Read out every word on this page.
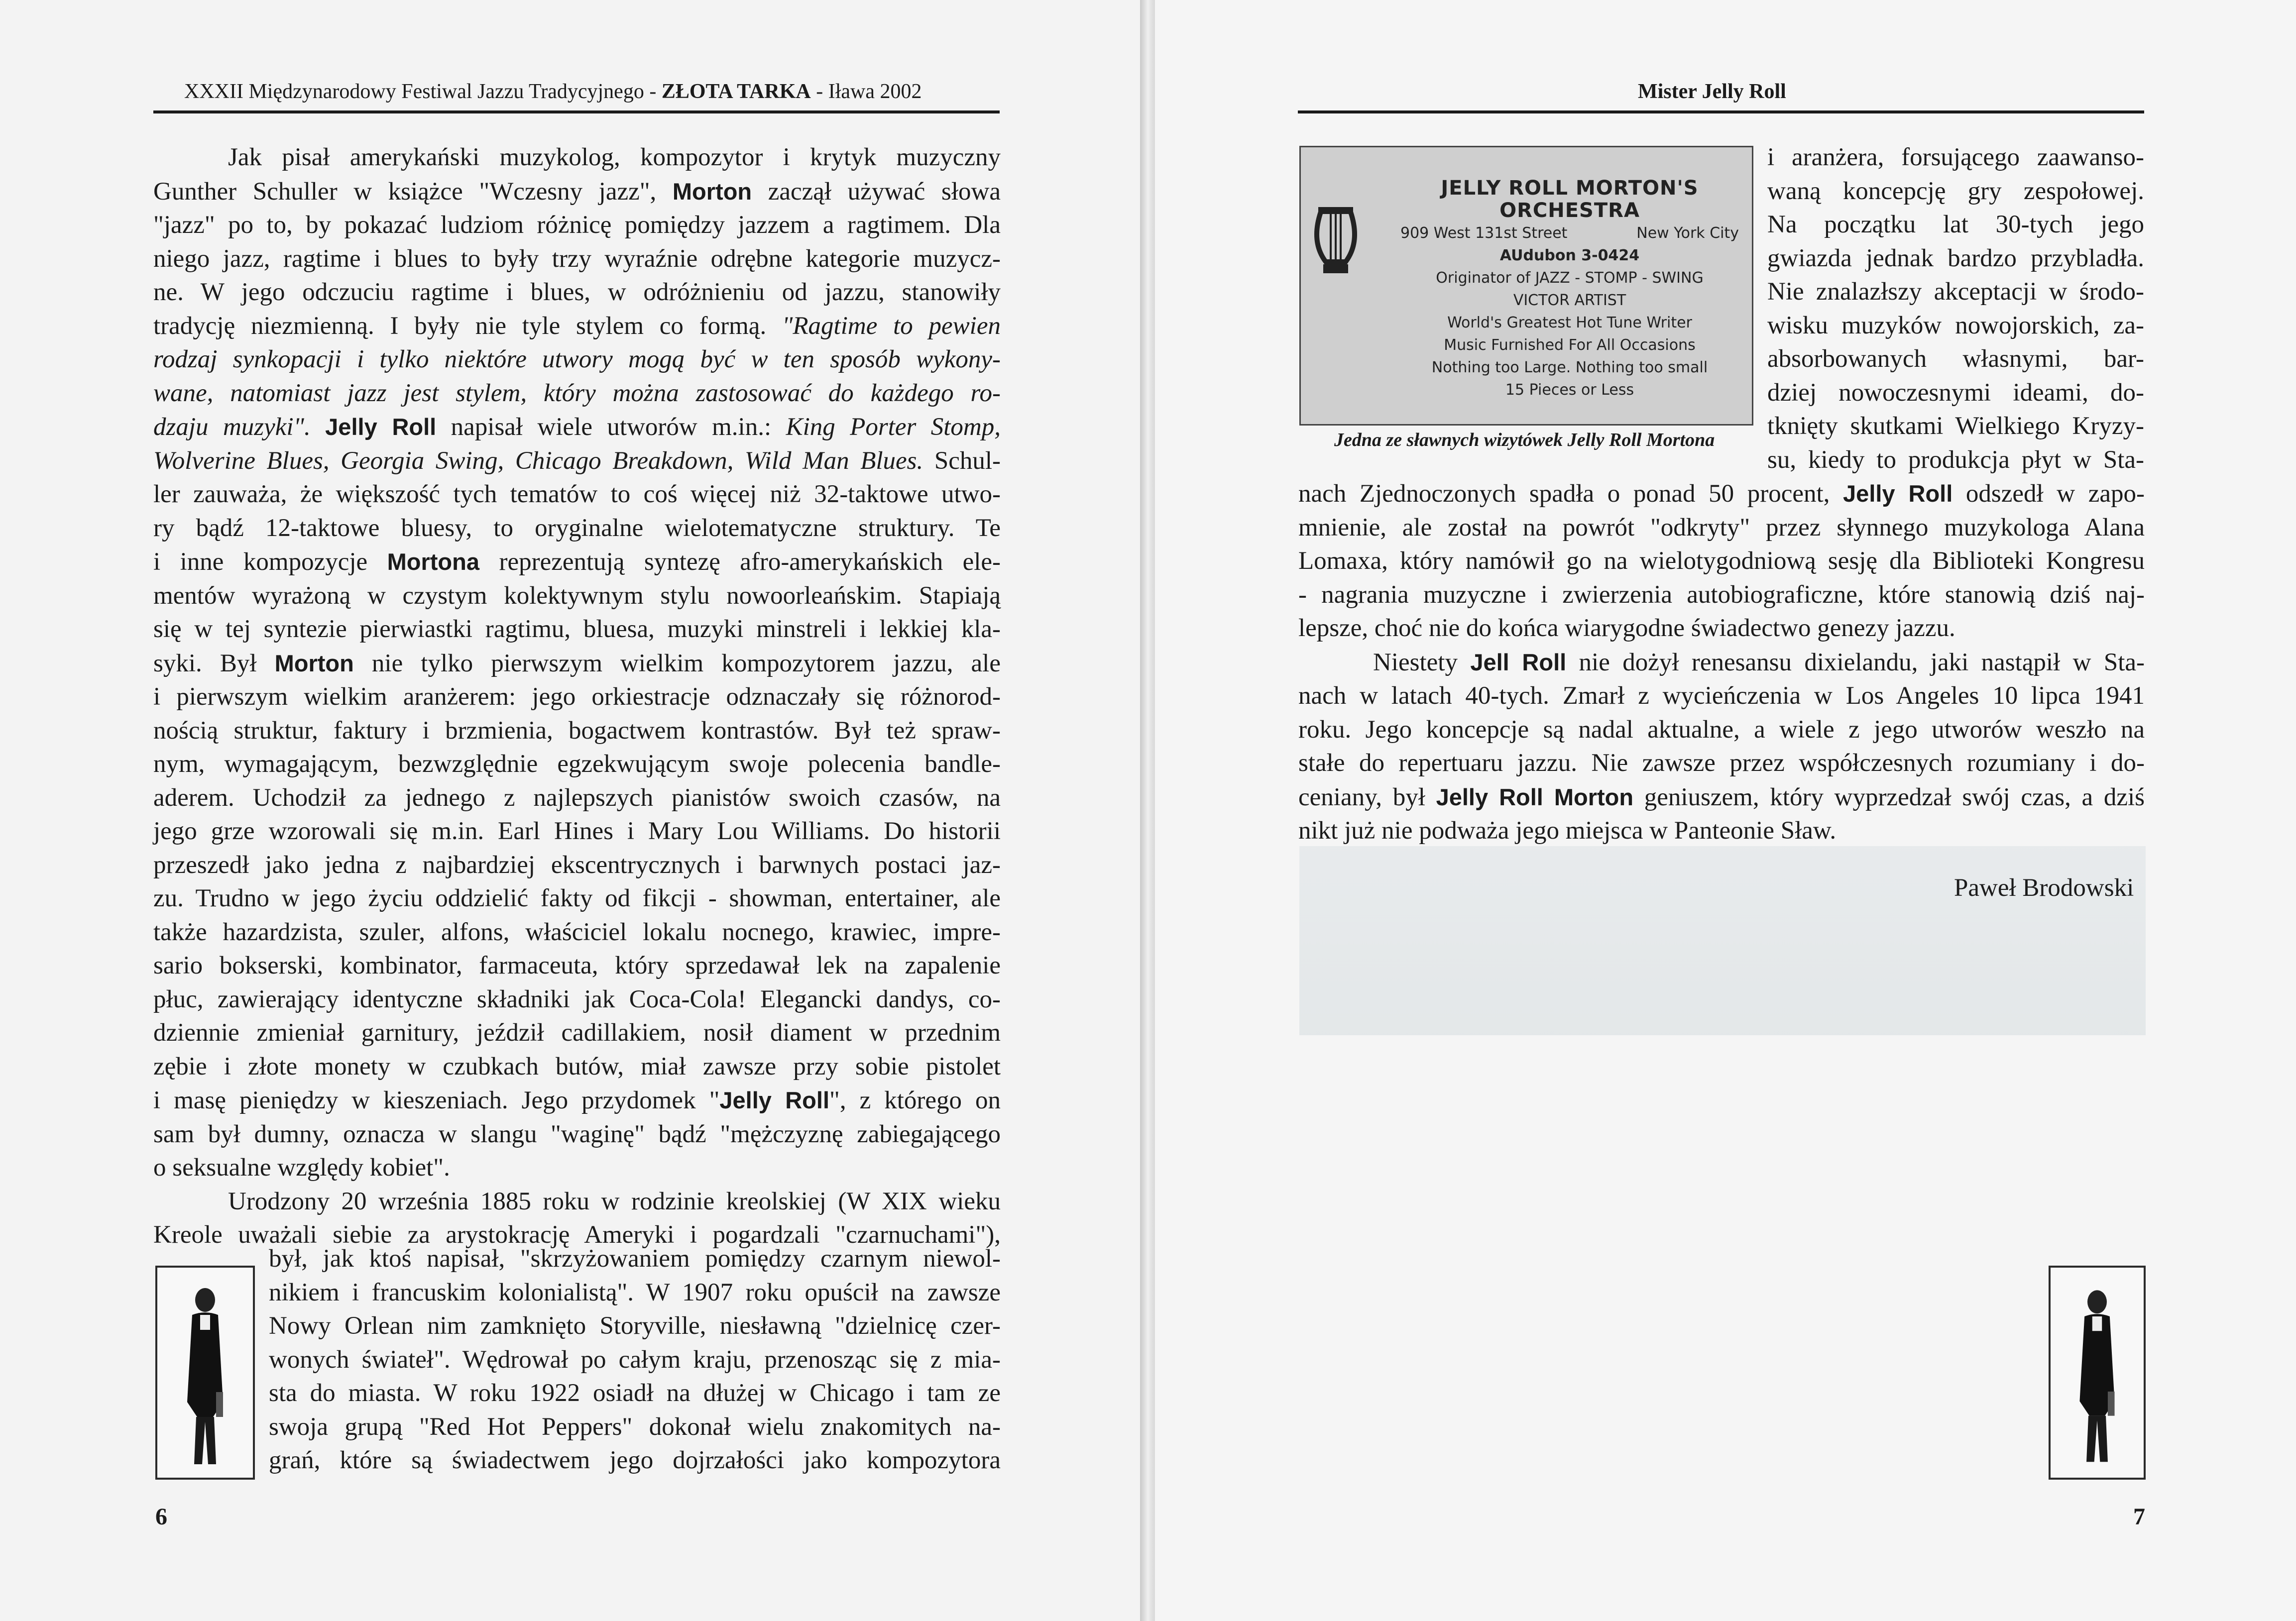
XXXII Międzynarodowy Festiwal Jazzu Tradycyjnego - ZŁOTA TARKA - Iława 2002
Jak pisał amerykański muzykolog, kompozytor i krytyk muzyczny
Gunther Schuller w książce "Wczesny jazz", Morton zaczął używać słowa
"jazz" po to, by pokazać ludziom różnicę pomiędzy jazzem a ragtimem. Dla
niego jazz, ragtime i blues to były trzy wyraźnie odrębne kategorie muzycz-
ne. W jego odczuciu ragtime i blues, w odróżnieniu od jazzu, stanowiły
tradycję niezmienną. I były nie tyle stylem co formą. "Ragtime to pewien
rodzaj synkopacji i tylko niektóre utwory mogą być w ten sposób wykony-
wane, natomiast jazz jest stylem, który można zastosować do każdego ro-
dzaju muzyki". Jelly Roll napisał wiele utworów m.in.: King Porter Stomp,
Wolverine Blues, Georgia Swing, Chicago Breakdown, Wild Man Blues. Schul-
ler zauważa, że większość tych tematów to coś więcej niż 32-taktowe utwo-
ry bądź 12-taktowe bluesy, to oryginalne wielotematyczne struktury. Te
i inne kompozycje Mortona reprezentują syntezę afro-amerykańskich ele-
mentów wyrażoną w czystym kolektywnym stylu nowoorleańskim. Stapiają
się w tej syntezie pierwiastki ragtimu, bluesa, muzyki minstreli i lekkiej kla-
syki. Był Morton nie tylko pierwszym wielkim kompozytorem jazzu, ale
i pierwszym wielkim aranżerem: jego orkiestracje odznaczały się różnorod-
nością struktur, faktury i brzmienia, bogactwem kontrastów. Był też spraw-
nym, wymagającym, bezwzględnie egzekwującym swoje polecenia bandle-
aderem. Uchodził za jednego z najlepszych pianistów swoich czasów, na
jego grze wzorowali się m.in. Earl Hines i Mary Lou Williams. Do historii
przeszedł jako jedna z najbardziej ekscentrycznych i barwnych postaci jaz-
zu. Trudno w jego życiu oddzielić fakty od fikcji - showman, entertainer, ale
także hazardzista, szuler, alfons, właściciel lokalu nocnego, krawiec, impre-
sario bokserski, kombinator, farmaceuta, który sprzedawał lek na zapalenie
płuc, zawierający identyczne składniki jak Coca-Cola! Elegancki dandys, co-
dziennie zmieniał garnitury, jeździł cadillakiem, nosił diament w przednim
zębie i złote monety w czubkach butów, miał zawsze przy sobie pistolet
i masę pieniędzy w kieszeniach. Jego przydomek "Jelly Roll", z którego on
sam był dumny, oznacza w slangu "waginę" bądź "mężczyznę zabiegającego
o seksualne względy kobiet".
Urodzony 20 września 1885 roku w rodzinie kreolskiej (W XIX wieku
Kreole uważali siebie za arystokrację Ameryki i pogardzali "czarnuchami"),
był, jak ktoś napisał, "skrzyżowaniem pomiędzy czarnym niewol-
nikiem i francuskim kolonialistą". W 1907 roku opuścił na zawsze
Nowy Orlean nim zamknięto Storyville, niesławną "dzielnicę czer-
wonych świateł". Wędrował po całym kraju, przenosząc się z mia-
sta do miasta. W roku 1922 osiadł na dłużej w Chicago i tam ze
swoja grupą "Red Hot Peppers" dokonał wielu znakomitych na-
grań, które są świadectwem jego dojrzałości jako kompozytora
6
Mister Jelly Roll
JELLY ROLL MORTON'S ORCHESTRA
909 West 131st Street	New York City
AUdubon 3-0424
Originator of JAZZ - STOMP - SWING
VICTOR ARTIST
World's Greatest Hot Tune Writer
Music Furnished For All Occasions
Nothing too Large. Nothing too small
15 Pieces or Less
Jedna ze sławnych wizytówek Jelly Roll Mortona
i aranżera, forsującego zaawanso-
waną koncepcję gry zespołowej.
Na początku lat 30-tych jego
gwiazda jednak bardzo przybladła.
Nie znalazłszy akceptacji w środo-
wisku muzyków nowojorskich, za-
absorbowanych własnymi, bar-
dziej nowoczesnymi ideami, do-
tknięty skutkami Wielkiego Kryzy-
su, kiedy to produkcja płyt w Sta-
nach Zjednoczonych spadła o ponad 50 procent, Jelly Roll odszedł w zapo-
mnienie, ale został na powrót "odkryty" przez słynnego muzykologa Alana
Lomaxa, który namówił go na wielotygodniową sesję dla Biblioteki Kongresu
- nagrania muzyczne i zwierzenia autobiograficzne, które stanowią dziś naj-
lepsze, choć nie do końca wiarygodne świadectwo genezy jazzu.
Niestety Jell Roll nie dożył renesansu dixielandu, jaki nastąpił w Sta-
nach w latach 40-tych. Zmarł z wycieńczenia w Los Angeles 10 lipca 1941
roku. Jego koncepcje są nadal aktualne, a wiele z jego utworów weszło na
stałe do repertuaru jazzu. Nie zawsze przez współczesnych rozumiany i do-
ceniany, był Jelly Roll Morton geniuszem, który wyprzedzał swój czas, a dziś
nikt już nie podważa jego miejsca w Panteonie Sław.
Paweł Brodowski
7
